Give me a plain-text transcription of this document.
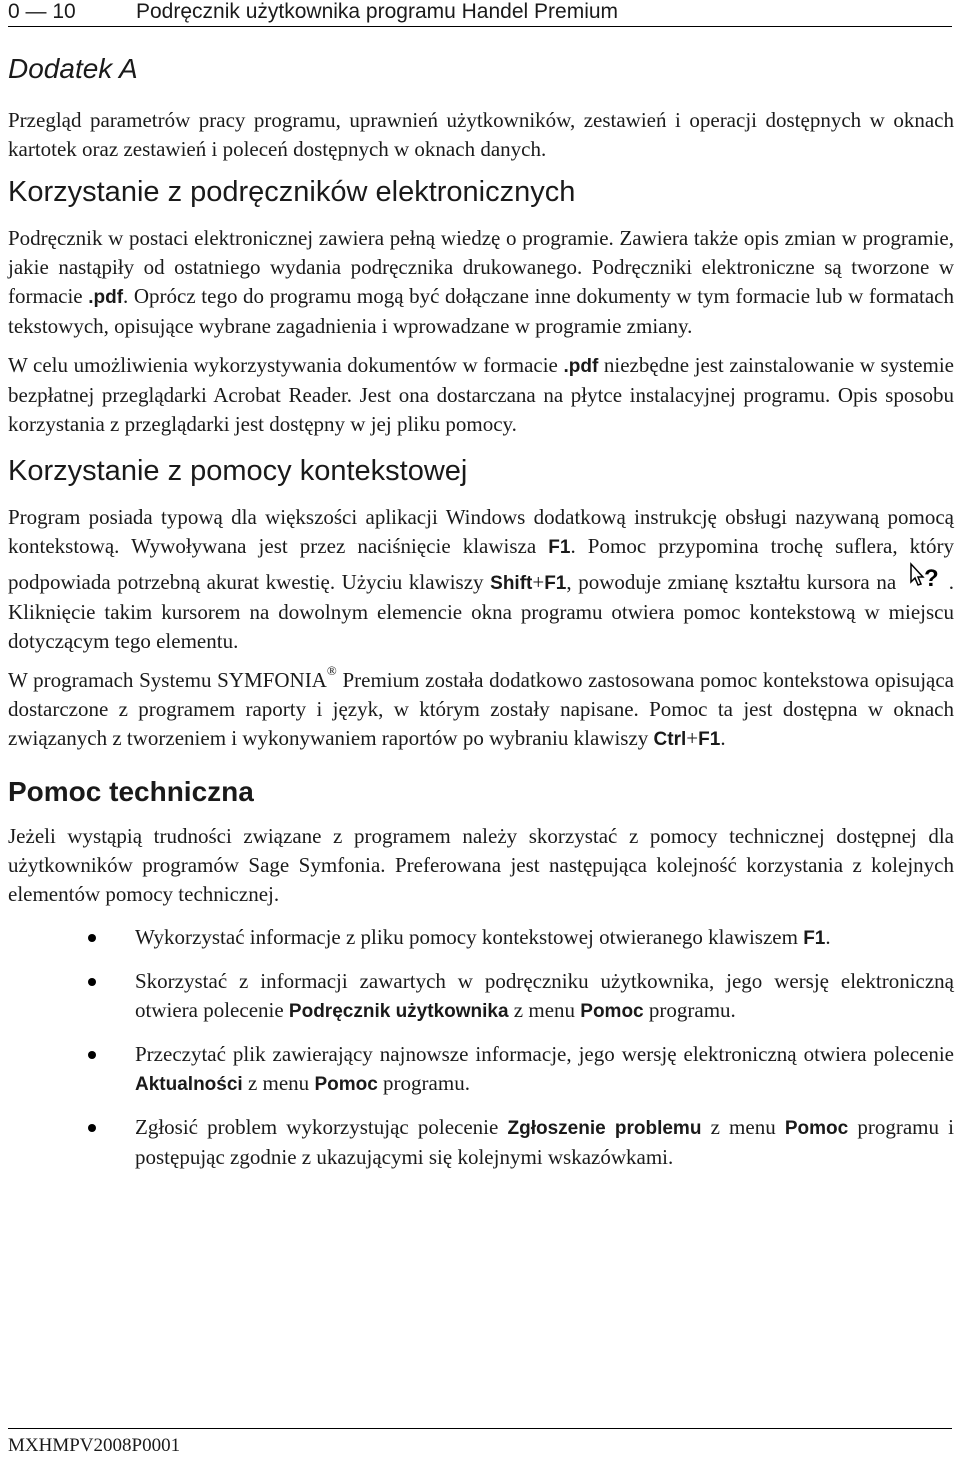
0 — 10	Podręcznik użytkownika programu Handel Premium
Dodatek A

Przegląd parametrów pracy programu, uprawnień użytkowników, zestawień i operacji dostępnych w oknach kartotek oraz zestawień i poleceń dostępnych w oknach danych.

Korzystanie z podręczników elektronicznych

Podręcznik w postaci elektronicznej zawiera pełną wiedzę o programie. Zawiera także opis zmian w programie, jakie nastąpiły od ostatniego wydania podręcznika drukowanego. Podręczniki elektroniczne są tworzone w formacie .pdf. Oprócz tego do programu mogą być dołączane inne dokumenty w tym formacie lub w formatach tekstowych, opisujące wybrane zagadnienia i wprowadzane w programie zmiany.

W celu umożliwienia wykorzystywania dokumentów w formacie .pdf niezbędne jest zainstalowanie w systemie bezpłatnej przeglądarki Acrobat Reader. Jest ona dostarczana na płytce instalacyjnej programu. Opis sposobu korzystania z przeglądarki jest dostępny w jej pliku pomocy.

Korzystanie z pomocy kontekstowej

Program posiada typową dla większości aplikacji Windows dodatkową instrukcję obsługi nazywaną pomocą kontekstową. Wywoływana jest przez naciśnięcie klawisza F1. Pomoc przypomina trochę suflera, który podpowiada potrzebną akurat kwestię. Użyciu klawiszy Shift+F1, powoduje zmianę kształtu kursora na ? . Kliknięcie takim kursorem na dowolnym elemencie okna programu otwiera pomoc kontekstową w miejscu dotyczącym tego elementu.

W programach Systemu SYMFONIA® Premium została dodatkowo zastosowana pomoc kontekstowa opisująca dostarczone z programem raporty i język, w którym zostały napisane. Pomoc ta jest dostępna w oknach związanych z tworzeniem i wykonywaniem raportów po wybraniu klawiszy Ctrl+F1.

Pomoc techniczna

Jeżeli wystąpią trudności związane z programem należy skorzystać z pomocy technicznej dostępnej dla użytkowników programów Sage Symfonia. Preferowana jest następująca kolejność korzystania z kolejnych elementów pomocy technicznej.

Wykorzystać informacje z pliku pomocy kontekstowej otwieranego klawiszem F1.

Skorzystać z informacji zawartych w podręczniku użytkownika, jego wersję elektroniczną otwiera polecenie Podręcznik użytkownika z menu Pomoc programu.

Przeczytać plik zawierający najnowsze informacje, jego wersję elektroniczną otwiera polecenie Aktualności z menu Pomoc programu.

Zgłosić problem wykorzystując polecenie Zgłoszenie problemu z menu Pomoc programu i postępując zgodnie z ukazującymi się kolejnymi wskazówkami.

MXHMPV2008P0001
